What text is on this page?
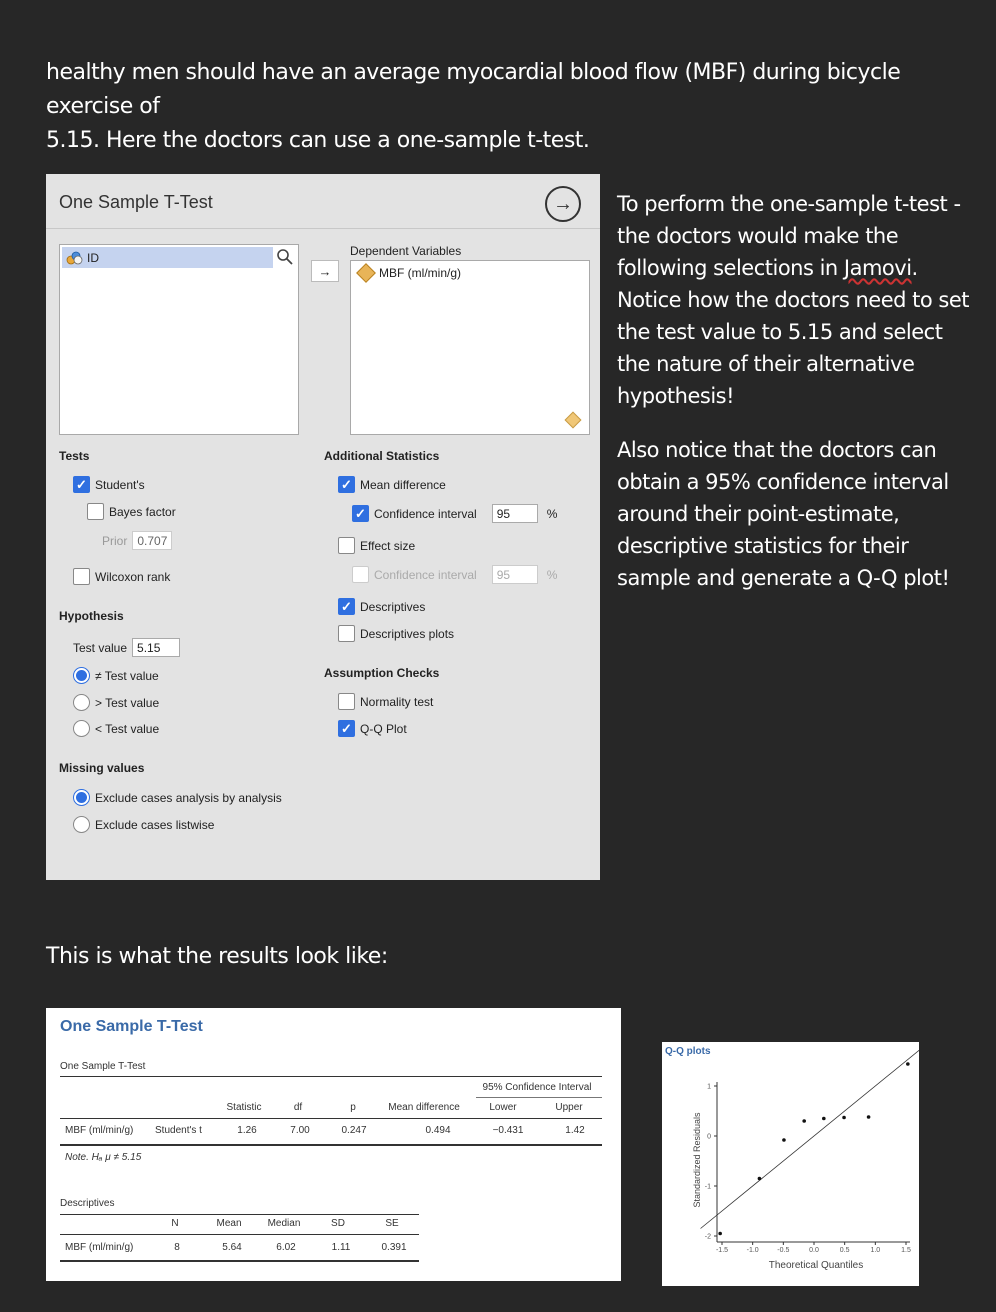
healthy men should have an average myocardial blood flow (MBF) during bicycle exercise of
5.15. Here the doctors can use a one-sample t-test.

To perform the one-sample t-test - the doctors would make the following selections in Jamovi. Notice how the doctors need to set the test value to 5.15 and select the nature of their alternative hypothesis!

Also notice that the doctors can obtain a 95% confidence interval around their point-estimate, descriptive statistics for their sample and generate a Q-Q plot!

One Sample T-Test	→
ID
→
Dependent Variables
MBF (ml/min/g)
Tests
✓ Student's
Bayes factor
Prior 0.707
Wilcoxon rank
Hypothesis
Test value 5.15
≠ Test value
> Test value
< Test value
Missing values
Exclude cases analysis by analysis
Exclude cases listwise
Additional Statistics
✓ Mean difference
✓ Confidence interval	95	%
Effect size
Confidence interval	95	%
✓ Descriptives
Descriptives plots
Assumption Checks
Normality test
✓ Q-Q Plot
This is what the results look like:
One Sample T-Test
One Sample T-Test
95% Confidence Interval
Statistic	df	p	Mean difference	Lower	Upper
MBF (ml/min/g) Student's t	1.26	7.00	0.247	0.494	−0.431	1.42
Note. Hₐ μ ≠ 5.15
Descriptives
N	Mean	Median	SD	SE
MBF (ml/min/g)	8	5.64	6.02	1.11	0.391
Q-Q plots
-1.5	-1.0	-0.5	0.0	0.5	1.0	1.5
1
0
-1
-2
Theoretical Quantiles
Standardized Residuals
